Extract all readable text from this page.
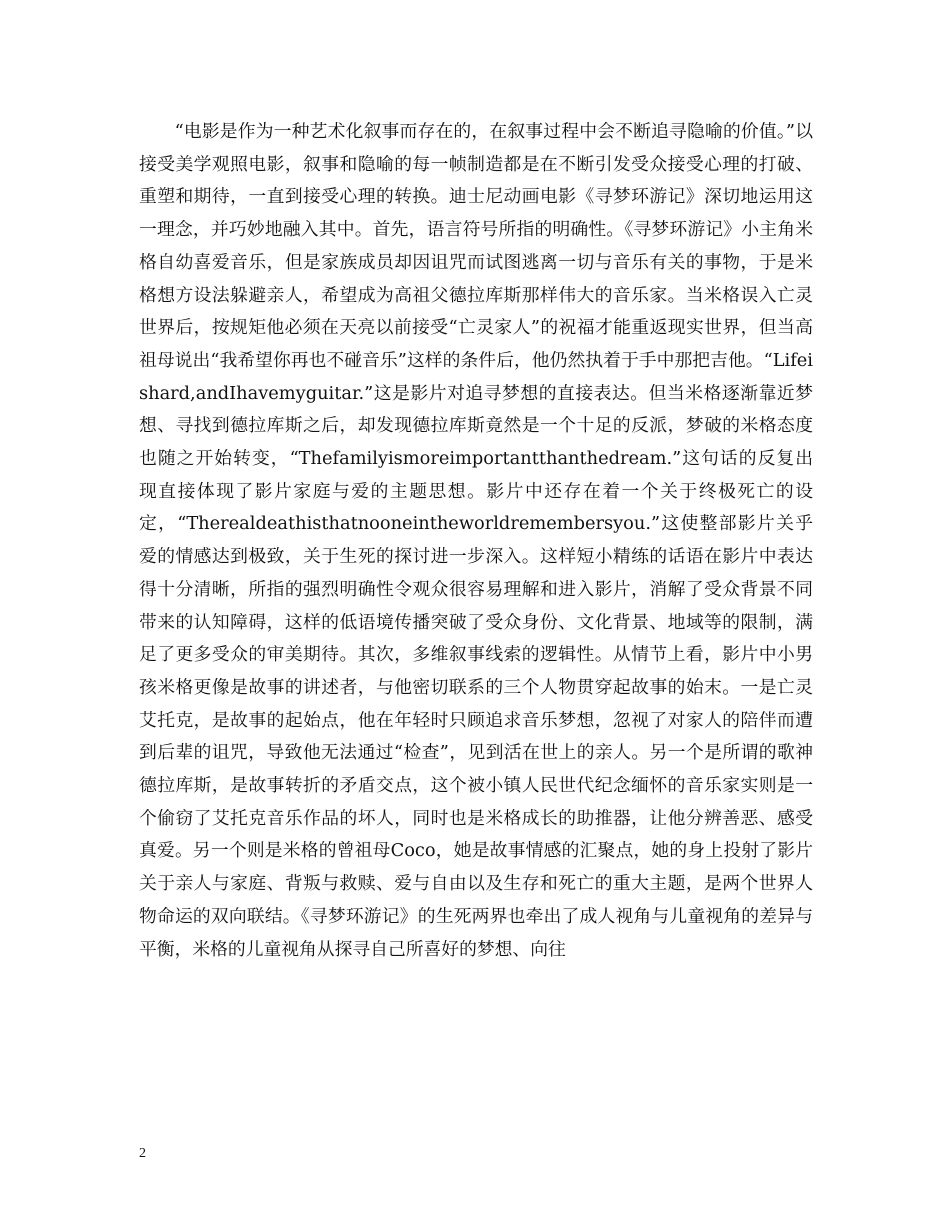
“电影是作为一种艺术化叙事而存在的，在叙事过程中会不断追寻隐喻的价值。”以接受美学观照电影，叙事和隐喻的每一帧制造都是在不断引发受众接受心理的打破、重塑和期待，一直到接受心理的转换。迪士尼动画电影《寻梦环游记》深切地运用这一理念，并巧妙地融入其中。首先，语言符号所指的明确性。《寻梦环游记》小主角米格自幼喜爱音乐，但是家族成员却因诅咒而试图逃离一切与音乐有关的事物，于是米格想方设法躲避亲人，希望成为高祖父德拉库斯那样伟大的音乐家。当米格误入亡灵世界后，按规矩他必须在天亮以前接受“亡灵家人”的祝福才能重返现实世界，但当高祖母说出“我希望你再也不碰音乐”这样的条件后，他仍然执着于手中那把吉他。“Lifeishard,andIhavemyguitar.”这是影片对追寻梦想的直接表达。但当米格逐渐靠近梦想、寻找到德拉库斯之后，却发现德拉库斯竟然是一个十足的反派，梦破的米格态度也随之开始转变，“Thefamilyismoreimportantthanthedream.”这句话的反复出现直接体现了影片家庭与爱的主题思想。影片中还存在着一个关于终极死亡的设定，“Therealdeathisthatnooneintheworldremembersyou.”这使整部影片关乎爱的情感达到极致，关于生死的探讨进一步深入。这样短小精练的话语在影片中表达得十分清晰，所指的强烈明确性令观众很容易理解和进入影片，消解了受众背景不同带来的认知障碍，这样的低语境传播突破了受众身份、文化背景、地域等的限制，满足了更多受众的审美期待。其次，多维叙事线索的逻辑性。从情节上看，影片中小男孩米格更像是故事的讲述者，与他密切联系的三个人物贯穿起故事的始末。一是亡灵艾托克，是故事的起始点，他在年轻时只顾追求音乐梦想，忽视了对家人的陪伴而遭到后辈的诅咒，导致他无法通过“检查”，见到活在世上的亲人。另一个是所谓的歌神德拉库斯，是故事转折的矛盾交点，这个被小镇人民世代纪念缅怀的音乐家实则是一个偷窃了艾托克音乐作品的坏人，同时也是米格成长的助推器，让他分辨善恶、感受真爱。另一个则是米格的曾祖母Coco，她是故事情感的汇聚点，她的身上投射了影片关于亲人与家庭、背叛与救赎、爱与自由以及生存和死亡的重大主题，是两个世界人物命运的双向联结。《寻梦环游记》的生死两界也牵出了成人视角与儿童视角的差异与平衡，米格的儿童视角从探寻自己所喜好的梦想、向往

2
